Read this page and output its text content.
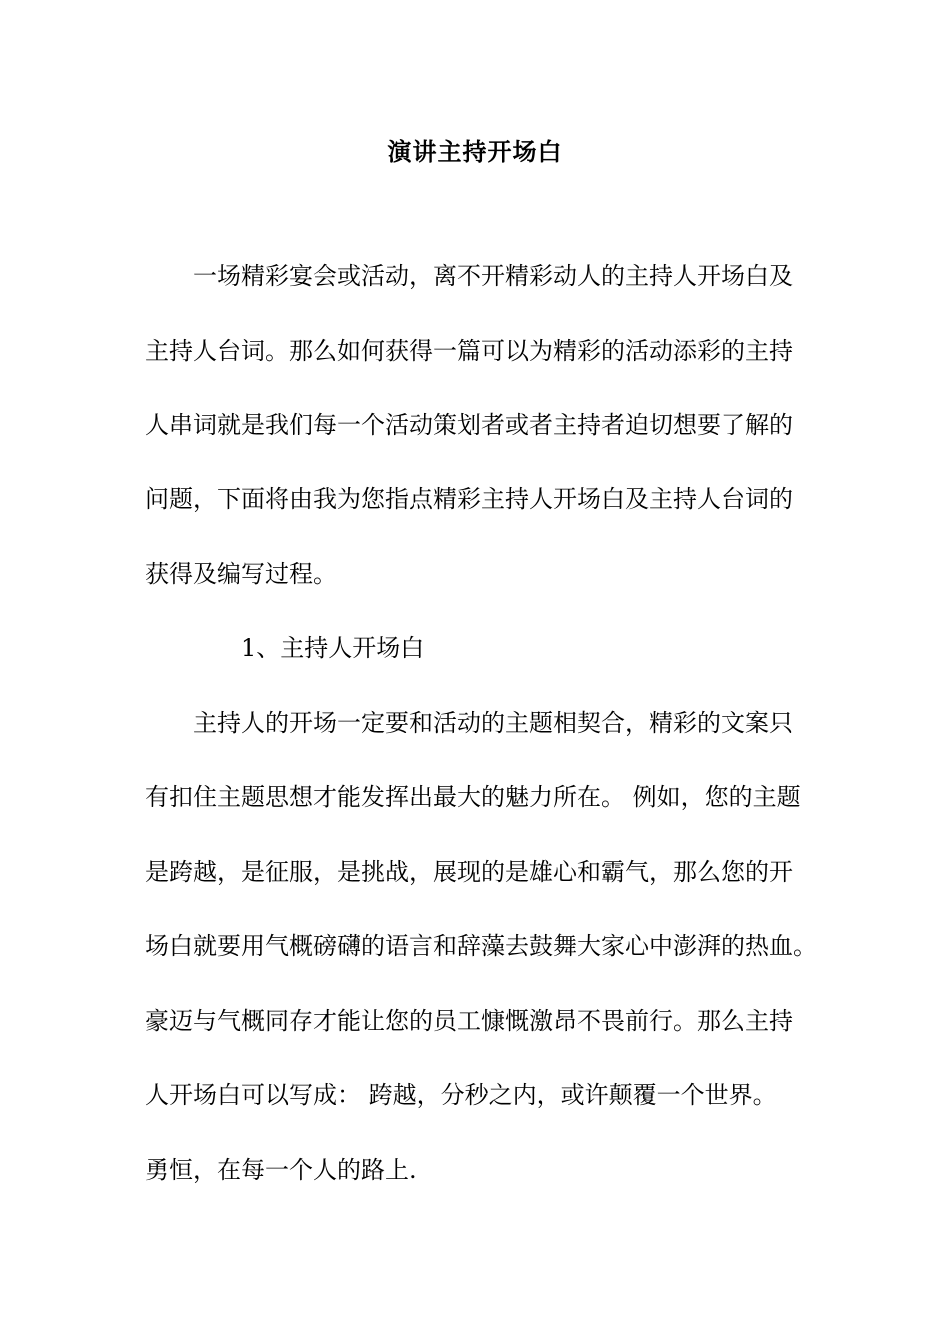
演讲主持开场白
一场精彩宴会或活动，离不开精彩动人的主持人开场白及
主持人台词。那么如何获得一篇可以为精彩的活动添彩的主持
人串词就是我们每一个活动策划者或者主持者迫切想要了解的
问题，下面将由我为您指点精彩主持人开场白及主持人台词的
获得及编写过程。
1、主持人开场白
主持人的开场一定要和活动的主题相契合，精彩的文案只
有扣住主题思想才能发挥出最大的魅力所在。 例如，您的主题
是跨越，是征服，是挑战，展现的是雄心和霸气，那么您的开
场白就要用气概磅礴的语言和辞藻去鼓舞大家心中澎湃的热血。
豪迈与气概同存才能让您的员工慷慨激昂不畏前行。那么主持
人开场白可以写成： 跨越，分秒之内，或许颠覆一个世界。
勇恒，在每一个人的路上.
